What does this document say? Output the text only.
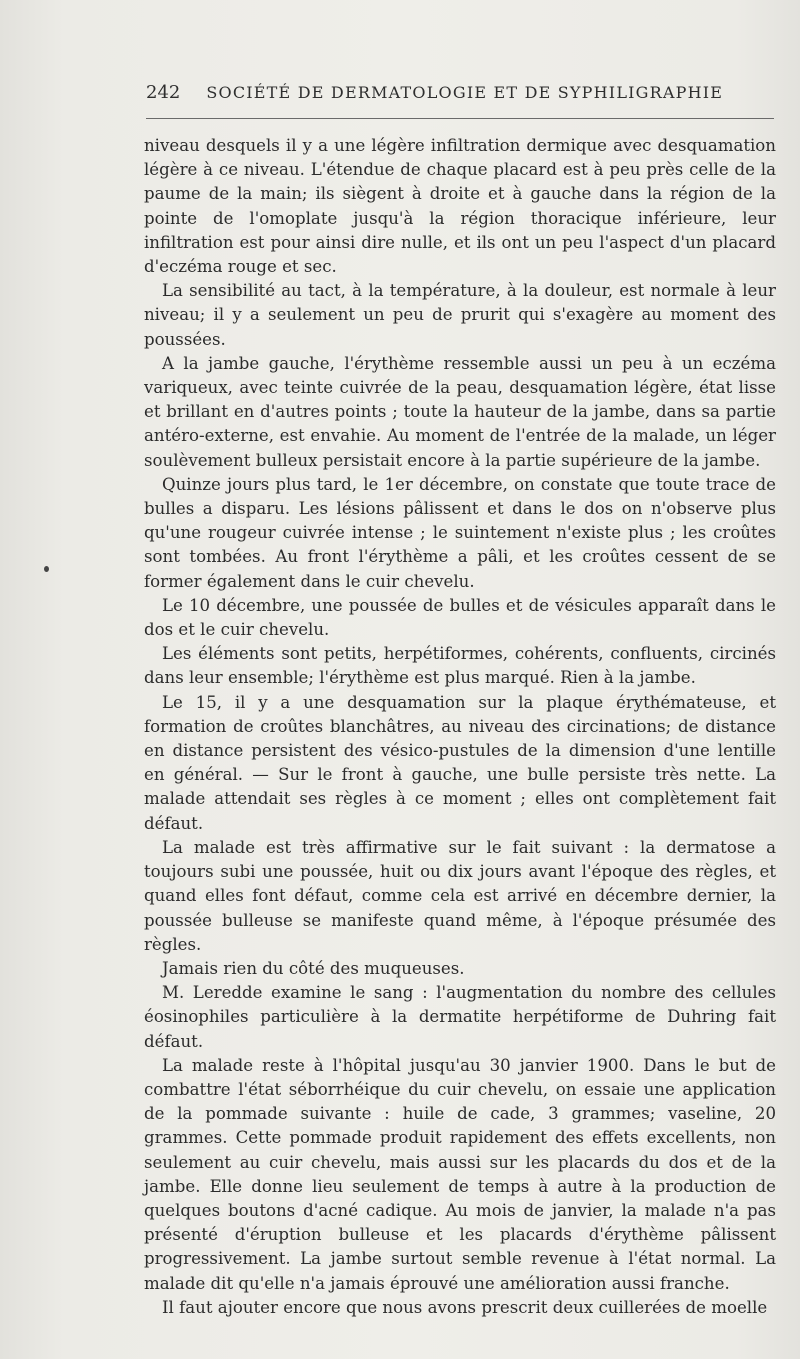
242 SOCIÉTÉ DE DERMATOLOGIE ET DE SYPHILIGRAPHIE

niveau desquels il y a une légère infiltration dermique avec desquamation légère à ce niveau. L'étendue de chaque placard est à peu près celle de la paume de la main; ils siègent à droite et à gauche dans la région de la pointe de l'omoplate jusqu'à la région thoracique inférieure, leur infiltration est pour ainsi dire nulle, et ils ont un peu l'aspect d'un placard d'eczéma rouge et sec.

La sensibilité au tact, à la température, à la douleur, est normale à leur niveau; il y a seulement un peu de prurit qui s'exagère au moment des poussées.

A la jambe gauche, l'érythème ressemble aussi un peu à un eczéma variqueux, avec teinte cuivrée de la peau, desquamation légère, état lisse et brillant en d'autres points ; toute la hauteur de la jambe, dans sa partie antéro-externe, est envahie. Au moment de l'entrée de la malade, un léger soulèvement bulleux persistait encore à la partie supérieure de la jambe.

Quinze jours plus tard, le 1er décembre, on constate que toute trace de bulles a disparu. Les lésions pâlissent et dans le dos on n'observe plus qu'une rougeur cuivrée intense ; le suintement n'existe plus ; les croûtes sont tombées. Au front l'érythème a pâli, et les croûtes cessent de se former également dans le cuir chevelu.

Le 10 décembre, une poussée de bulles et de vésicules apparaît dans le dos et le cuir chevelu.

Les éléments sont petits, herpétiformes, cohérents, confluents, circinés dans leur ensemble; l'érythème est plus marqué. Rien à la jambe.

Le 15, il y a une desquamation sur la plaque érythémateuse, et formation de croûtes blanchâtres, au niveau des circinations; de distance en distance persistent des vésico-pustules de la dimension d'une lentille en général. — Sur le front à gauche, une bulle persiste très nette. La malade attendait ses règles à ce moment ; elles ont complètement fait défaut.

La malade est très affirmative sur le fait suivant : la dermatose a toujours subi une poussée, huit ou dix jours avant l'époque des règles, et quand elles font défaut, comme cela est arrivé en décembre dernier, la poussée bulleuse se manifeste quand même, à l'époque présumée des règles.

Jamais rien du côté des muqueuses.

M. Leredde examine le sang : l'augmentation du nombre des cellules éosinophiles particulière à la dermatite herpétiforme de Duhring fait défaut.

La malade reste à l'hôpital jusqu'au 30 janvier 1900. Dans le but de combattre l'état séborrhéique du cuir chevelu, on essaie une application de la pommade suivante : huile de cade, 3 grammes; vaseline, 20 grammes. Cette pommade produit rapidement des effets excellents, non seulement au cuir chevelu, mais aussi sur les placards du dos et de la jambe. Elle donne lieu seulement de temps à autre à la production de quelques boutons d'acné cadique. Au mois de janvier, la malade n'a pas présenté d'éruption bulleuse et les placards d'érythème pâlissent progressivement. La jambe surtout semble revenue à l'état normal. La malade dit qu'elle n'a jamais éprouvé une amélioration aussi franche.

Il faut ajouter encore que nous avons prescrit deux cuillerées de moelle
